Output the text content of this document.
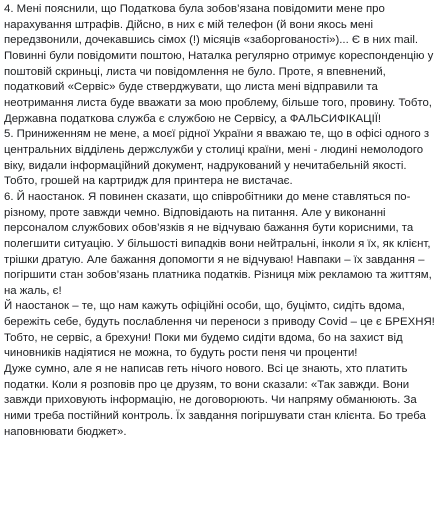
4. Мені пояснили, що Податкова була зобов’язана повідомити мене про нарахування штрафів. Дійсно, в них є мій телефон (й вони якось мені передзвонили, дочекавшись сімох (!) місяців «заборгованості»)... Є в них mail. Повинні були повідомити поштою, Наталка регулярно отримує кореспонденцію у поштовій скриньці, листа чи повідомлення не було. Проте, я впевнений, податковий «Сервіс» буде стверджувати, що листа мені відправили та неотримання листа буде вважати за мою проблему, більше того, провину. Тобто, Державна податкова служба є службою не Сервісу, а ФАЛЬСИФІКАЦІЇ!

5. Приниженням не мене, а моєї рідної України я вважаю те, що в офісі одного з центральних відділень держслужби у столиці країни, мені - людині немолодого віку, видали інформаційний документ, надрукований у нечитабельній якості. Тобто, грошей на картридж для принтера не вистачає.

6. Й наостанок. Я повинен сказати, що співробітники до мене ставляться по-різному, проте завжди чемно. Відповідають на питання. Але у виконанні персоналом службових обов’язків я не відчуваю бажання бути корисними, та полегшити ситуацію. У більшості випадків вони нейтральні, інколи я їх, як клієнт, трішки дратую. Але бажання допомогти я не відчуваю! Навпаки – їх завдання – погіршити стан зобов’язань платника податків. Різниця між рекламою та життям, на жаль, є!

Й наостанок – те, що нам кажуть офіційні особи, що, буцімто, сидіть вдома, бережіть себе, будуть послаблення чи переноси з приводу Covid – це є БРЕХНЯ! Тобто, не сервіс, а брехуни! Поки ми будемо сидіти вдома, бо на захист від чиновників надіятися не можна, то будуть рости пеня чи проценти!

Дуже сумно, але я не написав геть нічого нового. Всі це знають, хто платить податки. Коли я розповів про це друзям, то вони сказали: «Так завжди. Вони завжди приховують інформацію, не договорюють. Чи напряму обманюють. За ними треба постійний контроль. Їх завдання погіршувати стан клієнта. Бо треба наповнювати бюджет».
